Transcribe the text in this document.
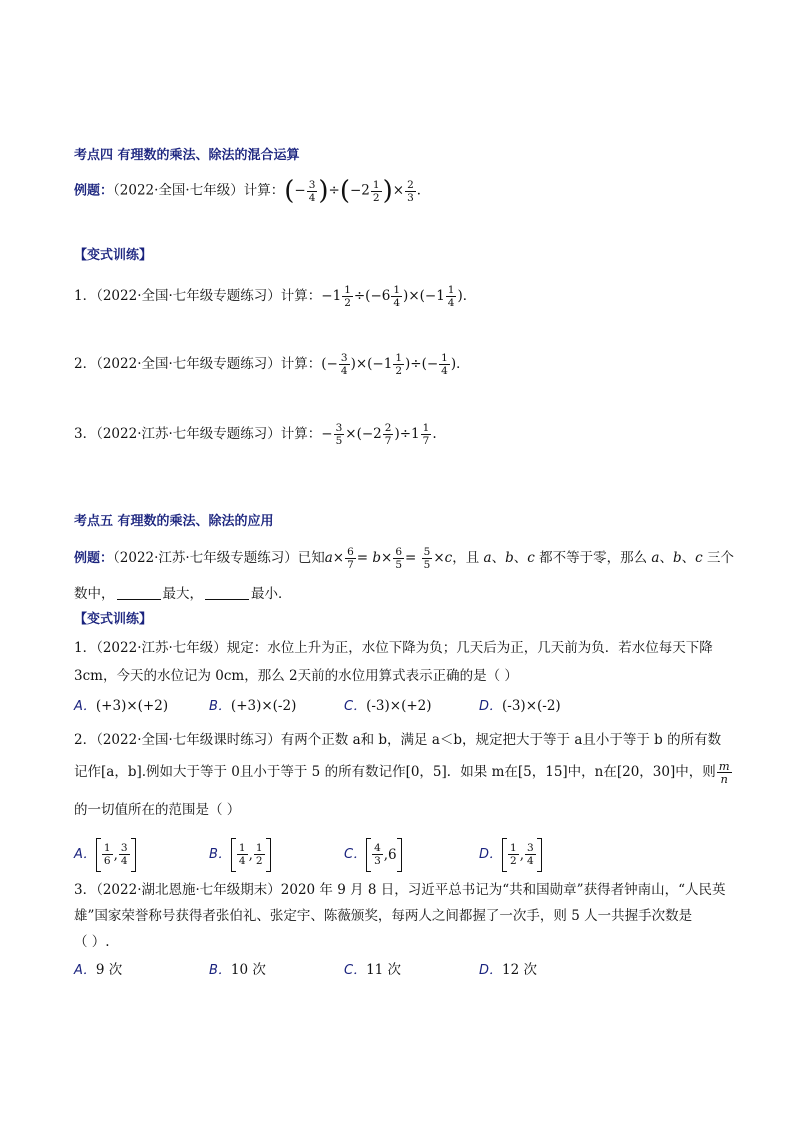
考点四 有理数的乘法、除法的混合运算
例题：（2022·全国·七年级）计算：(− $\frac{3}{4} )\div(-2 \frac{1}{2}$ )× $\frac{2}{3}$ ．
【变式训练】
1．（2022·全国·七年级专题练习）计算：$-1 \frac{1}{2} \div(-6 \frac{1}{4} )\times(-1 \frac{1}{4}$ )．
2．（2022·全国·七年级专题练习）计算：(− $\frac{3}{4} )\times(-1 \frac{1}{2}$ )÷(− $\frac{1}{4}$ )．
3．（2022·江苏·七年级专题练习）计算：− $\frac{3}{5} \times(-2 \frac{2}{7} )\div 1 \frac{1}{7}$ .
考点五 有理数的乘法、除法的应用
例题：（2022·江苏·七年级专题练习）已知$a\times \frac{6}{7} = b\times \frac{6}{5} = \frac{5}{5} \times c$，且 a、b、c 都不等于零，那么 a、b、c 三个
数中，	最大，	最小．
【变式训练】
1．（2022·江苏·七年级）规定：水位上升为正，水位下降为负；几天后为正，几天前为负．若水位每天下降
3cm，今天的水位记为 0cm，那么 2天前的水位用算式表示正确的是（ ）
A．(+3)×(+2)	B．(+3)×(-2)	C．(-3)×(+2)	D．(-3)×(-2)
2．（2022·全国·七年级课时练习）有两个正数 a和 b，满足 a＜b，规定把大于等于 a且小于等于 b 的所有数
记作[a，b].例如大于等于 0且小于等于 5 的所有数记作[0，5]．如果 m在[5，15]中，n在[20，30]中，则 $\frac{m}{n}$
的一切值所在的范围是（ ）
A． $\frac{1}{6}$ , $\frac{3}{4}$	B． $\frac{1}{4}$ , $\frac{1}{2}$	C． $\frac{4}{3} ,6$	D． $\frac{1}{2}$ , $\frac{3}{4}$
3．（2022·湖北恩施·七年级期末）2020 年 9 月 8 日，习近平总书记为“共和国勋章”获得者钟南山，“人民英
雄”国家荣誉称号获得者张伯礼、张定宇、陈薇颁奖，每两人之间都握了一次手，则 5 人一共握手次数是
（ ）.
A．9 次	B．10 次	C．11 次	D．12 次
